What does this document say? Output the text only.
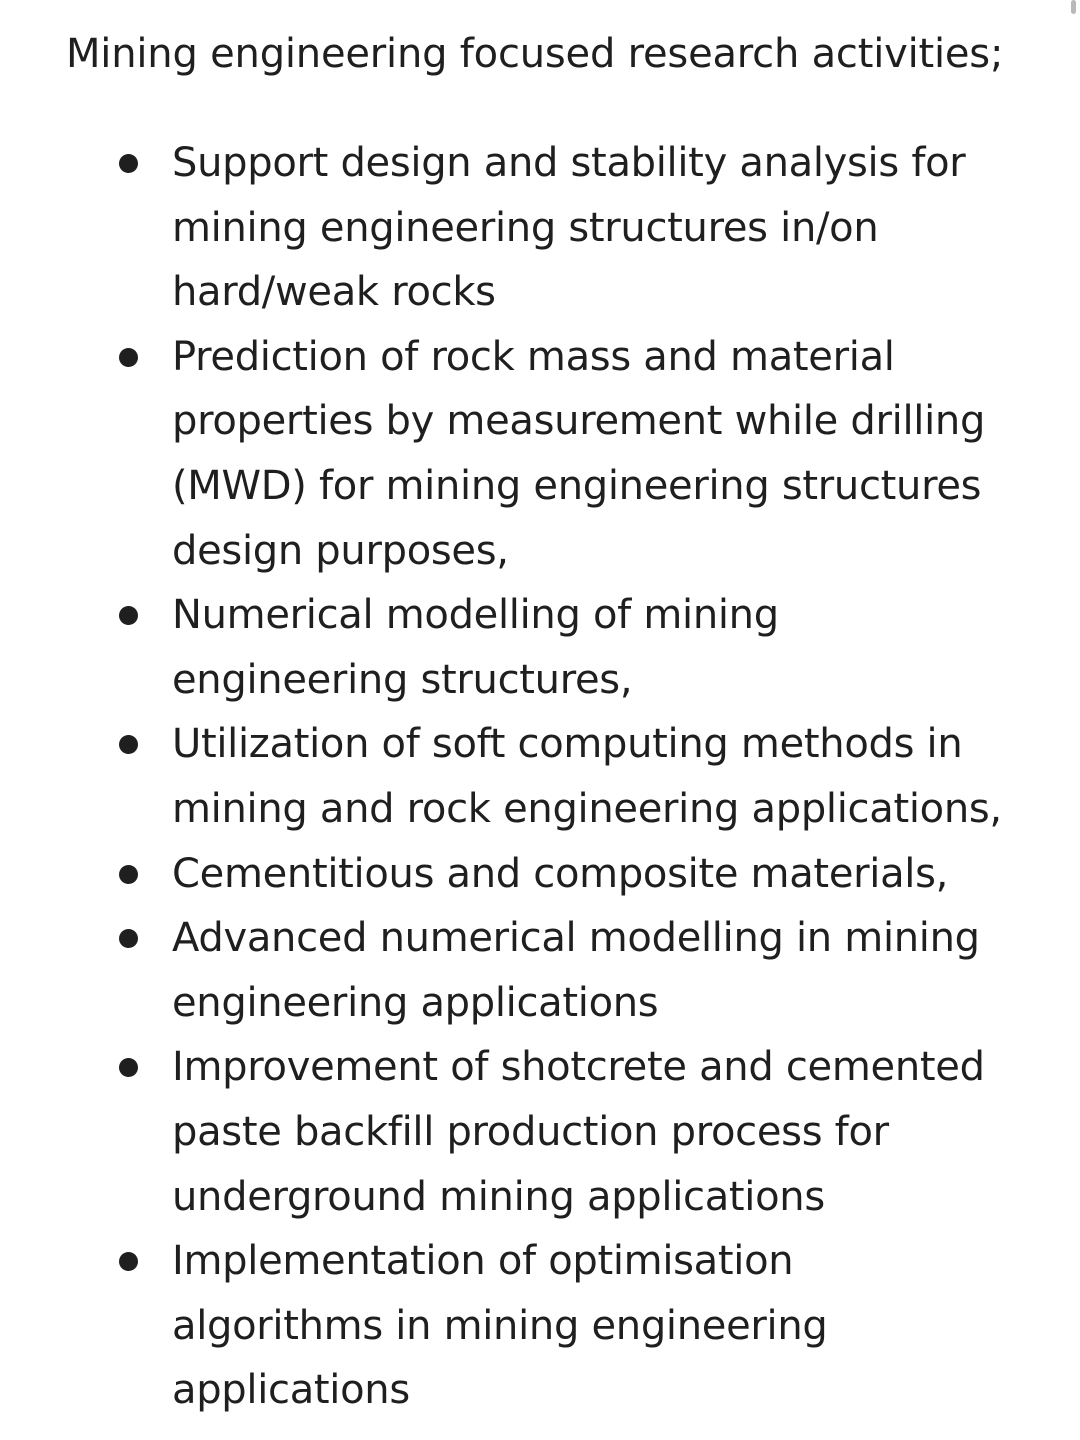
Mining engineering focused research activities;
Support design and stability analysis for
mining engineering structures in/on
hard/weak rocks
Prediction of rock mass and material
properties by measurement while drilling
(MWD) for mining engineering structures
design purposes,
Numerical modelling of mining
engineering structures,
Utilization of soft computing methods in
mining and rock engineering applications,
Cementitious and composite materials,
Advanced numerical modelling in mining
engineering applications
Improvement of shotcrete and cemented
paste backfill production process for
underground mining applications
Implementation of optimisation
algorithms in mining engineering
applications
